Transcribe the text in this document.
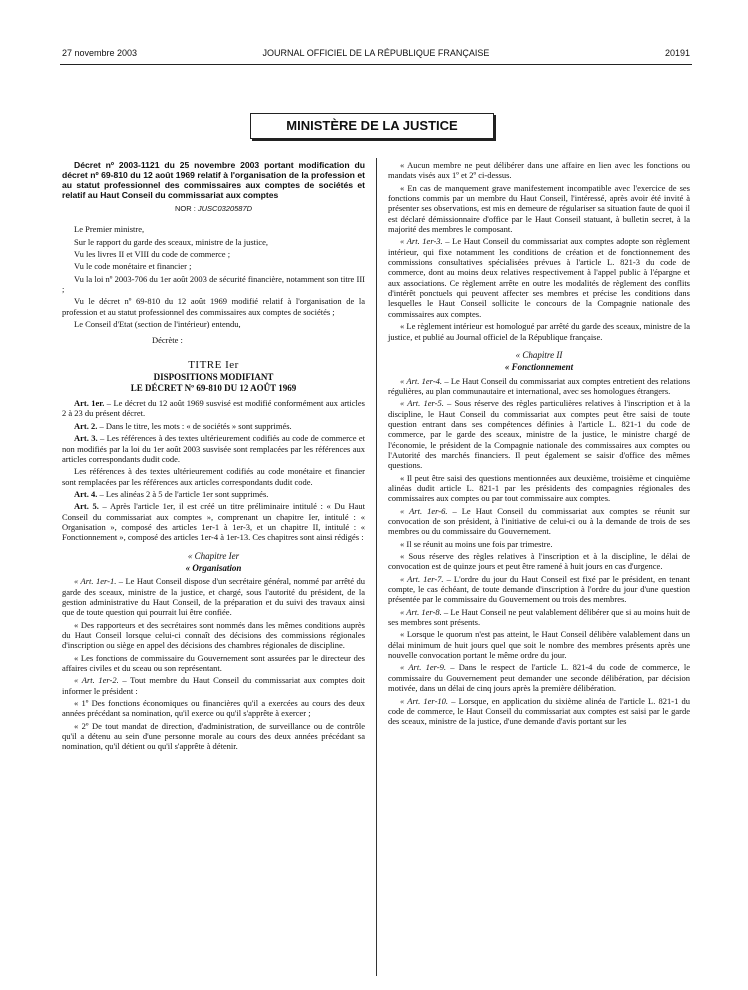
27 novembre 2003	JOURNAL OFFICIEL DE LA RÉPUBLIQUE FRANÇAISE	20191
MINISTÈRE DE LA JUSTICE

Décret nº 2003-1121 du 25 novembre 2003 portant modification du décret nº 69-810 du 12 août 1969 relatif à l'organisation de la profession et au statut professionnel des commissaires aux comptes de sociétés et relatif au Haut Conseil du commissariat aux comptes

NOR : JUSC0320587D

Le Premier ministre,

Sur le rapport du garde des sceaux, ministre de la justice,

Vu les livres II et VIII du code de commerce ;

Vu le code monétaire et financier ;

Vu la loi nº 2003-706 du 1er août 2003 de sécurité financière, notamment son titre III ;

Vu le décret nº 69-810 du 12 août 1969 modifié relatif à l'organisation de la profession et au statut professionnel des commissaires aux comptes de sociétés ;

Le Conseil d'Etat (section de l'intérieur) entendu,

Décrète :

TITRE Ier
DISPOSITIONS MODIFIANT
LE DÉCRET Nº 69-810 DU 12 AOÛT 1969

Art. 1er. – Le décret du 12 août 1969 susvisé est modifié conformément aux articles 2 à 23 du présent décret.

Art. 2. – Dans le titre, les mots : « de sociétés » sont supprimés.

Art. 3. – Les références à des textes ultérieurement codifiés au code de commerce et non modifiés par la loi du 1er août 2003 susvisée sont remplacées par les références aux articles correspondants dudit code.

Les références à des textes ultérieurement codifiés au code monétaire et financier sont remplacées par les références aux articles correspondants dudit code.

Art. 4. – Les alinéas 2 à 5 de l'article 1er sont supprimés.

Art. 5. – Après l'article 1er, il est créé un titre préliminaire intitulé : « Du Haut Conseil du commissariat aux comptes », comprenant un chapitre Ier, intitulé : « Organisation », composé des articles 1er-1 à 1er-3, et un chapitre II, intitulé : « Fonctionnement », composé des articles 1er-4 à 1er-13. Ces chapitres sont ainsi rédigés :

« Chapitre Ier
« Organisation

« Art. 1er-1. – Le Haut Conseil dispose d'un secrétaire général, nommé par arrêté du garde des sceaux, ministre de la justice, et chargé, sous l'autorité du président, de la gestion administrative du Haut Conseil, de la préparation et du suivi des travaux ainsi que de toute question qui pourrait lui être confiée.

« Des rapporteurs et des secrétaires sont nommés dans les mêmes conditions auprès du Haut Conseil lorsque celui-ci connaît des décisions des commissions régionales d'inscription ou siège en appel des décisions des chambres régionales de discipline.

« Les fonctions de commissaire du Gouvernement sont assurées par le directeur des affaires civiles et du sceau ou son représentant.

« Art. 1er-2. – Tout membre du Haut Conseil du commissariat aux comptes doit informer le président :

« 1º Des fonctions économiques ou financières qu'il a exercées au cours des deux années précédant sa nomination, qu'il exerce ou qu'il s'apprête à exercer ;

« 2º De tout mandat de direction, d'administration, de surveillance ou de contrôle qu'il a détenu au sein d'une personne morale au cours des deux années précédant sa nomination, qu'il détient ou qu'il s'apprête à détenir.

« Aucun membre ne peut délibérer dans une affaire en lien avec les fonctions ou mandats visés aux 1º et 2º ci-dessus.

« En cas de manquement grave manifestement incompatible avec l'exercice de ses fonctions commis par un membre du Haut Conseil, l'intéressé, après avoir été invité à présenter ses observations, est mis en demeure de régulariser sa situation faute de quoi il est déclaré démissionnaire d'office par le Haut Conseil statuant, à bulletin secret, à la majorité des membres le composant.

« Art. 1er-3. – Le Haut Conseil du commissariat aux comptes adopte son règlement intérieur, qui fixe notamment les conditions de création et de fonctionnement des commissions consultatives spécialisées prévues à l'article L. 821-3 du code de commerce, dont au moins deux relatives respectivement à l'appel public à l'épargne et aux associations. Ce règlement arrête en outre les modalités de règlement des conflits d'intérêt ponctuels qui peuvent affecter ses membres et précise les conditions dans lesquelles le Haut Conseil sollicite le concours de la Compagnie nationale des commissaires aux comptes.

« Le règlement intérieur est homologué par arrêté du garde des sceaux, ministre de la justice, et publié au Journal officiel de la République française.

« Chapitre II
« Fonctionnement

« Art. 1er-4. – Le Haut Conseil du commissariat aux comptes entretient des relations régulières, au plan communautaire et international, avec ses homologues étrangers.

« Art. 1er-5. – Sous réserve des règles particulières relatives à l'inscription et à la discipline, le Haut Conseil du commissariat aux comptes peut être saisi de toute question entrant dans ses compétences définies à l'article L. 821-1 du code de commerce, par le garde des sceaux, ministre de la justice, le ministre chargé de l'économie, le président de la Compagnie nationale des commissaires aux comptes ou l'Autorité des marchés financiers. Il peut également se saisir d'office des mêmes questions.

« Il peut être saisi des questions mentionnées aux deuxième, troisième et cinquième alinéas dudit article L. 821-1 par les présidents des compagnies régionales des commissaires aux comptes ou par tout commissaire aux comptes.

« Art. 1er-6. – Le Haut Conseil du commissariat aux comptes se réunit sur convocation de son président, à l'initiative de celui-ci ou à la demande de trois de ses membres ou du commissaire du Gouvernement.

« Il se réunit au moins une fois par trimestre.

« Sous réserve des règles relatives à l'inscription et à la discipline, le délai de convocation est de quinze jours et peut être ramené à huit jours en cas d'urgence.

« Art. 1er-7. – L'ordre du jour du Haut Conseil est fixé par le président, en tenant compte, le cas échéant, de toute demande d'inscription à l'ordre du jour d'une question présentée par le commissaire du Gouvernement ou trois des membres.

« Art. 1er-8. – Le Haut Conseil ne peut valablement délibérer que si au moins huit de ses membres sont présents.

« Lorsque le quorum n'est pas atteint, le Haut Conseil délibère valablement dans un délai minimum de huit jours quel que soit le nombre des membres présents après une nouvelle convocation portant le même ordre du jour.

« Art. 1er-9. – Dans le respect de l'article L. 821-4 du code de commerce, le commissaire du Gouvernement peut demander une seconde délibération, par décision motivée, dans un délai de cinq jours après la première délibération.

« Art. 1er-10. – Lorsque, en application du sixième alinéa de l'article L. 821-1 du code de commerce, le Haut Conseil du commissariat aux comptes est saisi par le garde des sceaux, ministre de la justice, d'une demande d'avis portant sur les
